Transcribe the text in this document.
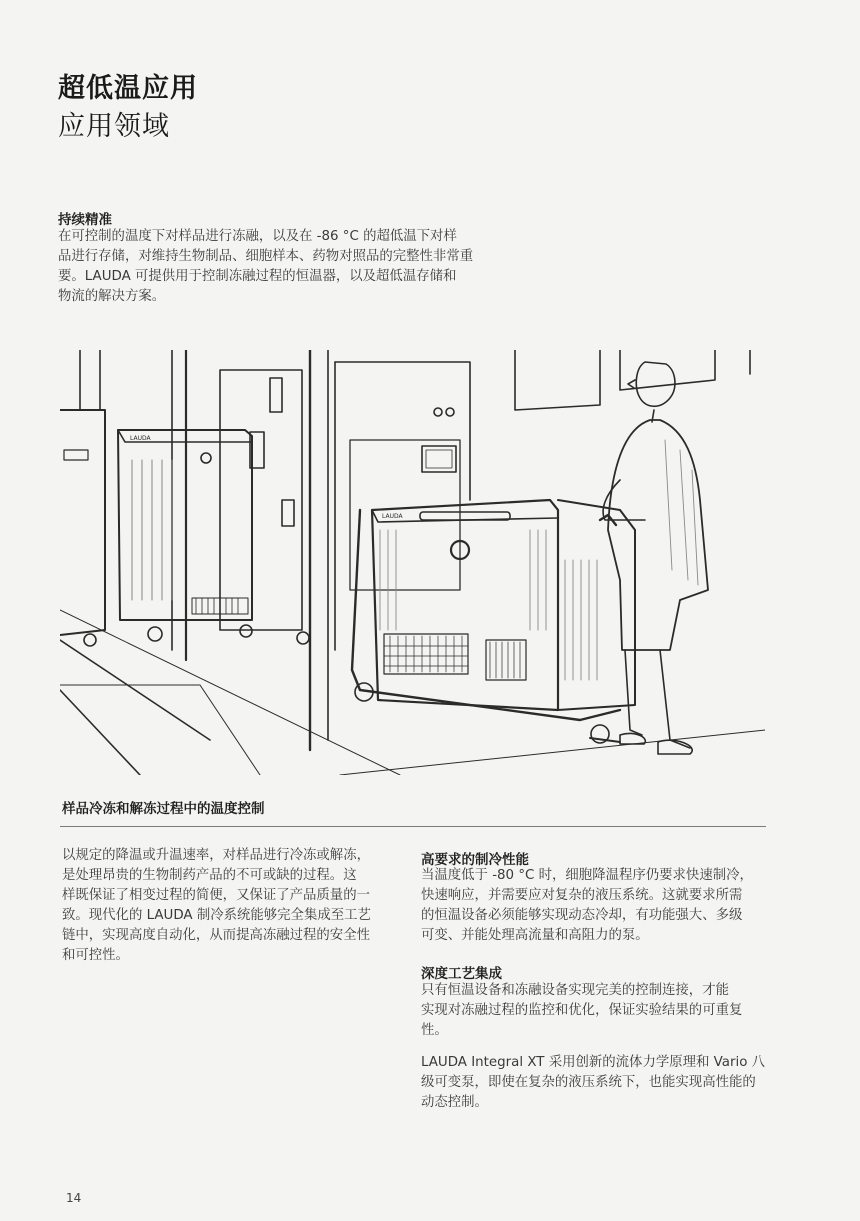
超低温应用
应用领域
持续精准
在可控制的温度下对样品进行冻融，以及在 -86 °C 的超低温下对样
品进行存储，对维持生物制品、细胞样本、药物对照品的完整性非常重
要。LAUDA 可提供用于控制冻融过程的恒温器，以及超低温存储和
物流的解决方案。
LAUDA
LAUDA
样品冷冻和解冻过程中的温度控制
以规定的降温或升温速率，对样品进行冷冻或解冻，
是处理昂贵的生物制药产品的不可或缺的过程。这
样既保证了相变过程的简便，又保证了产品质量的一
致。现代化的 LAUDA 制冷系统能够完全集成至工艺
链中，实现高度自动化，从而提高冻融过程的安全性
和可控性。
高要求的制冷性能
当温度低于 -80 °C 时，细胞降温程序仍要求快速制冷，
快速响应，并需要应对复杂的液压系统。这就要求所需
的恒温设备必须能够实现动态冷却，有功能强大、多级
可变、并能处理高流量和高阻力的泵。
深度工艺集成
只有恒温设备和冻融设备实现完美的控制连接，才能
实现对冻融过程的监控和优化，保证实验结果的可重复
性。
LAUDA Integral XT 采用创新的流体力学原理和 Vario 八
级可变泵，即使在复杂的液压系统下，也能实现高性能的
动态控制。
14
